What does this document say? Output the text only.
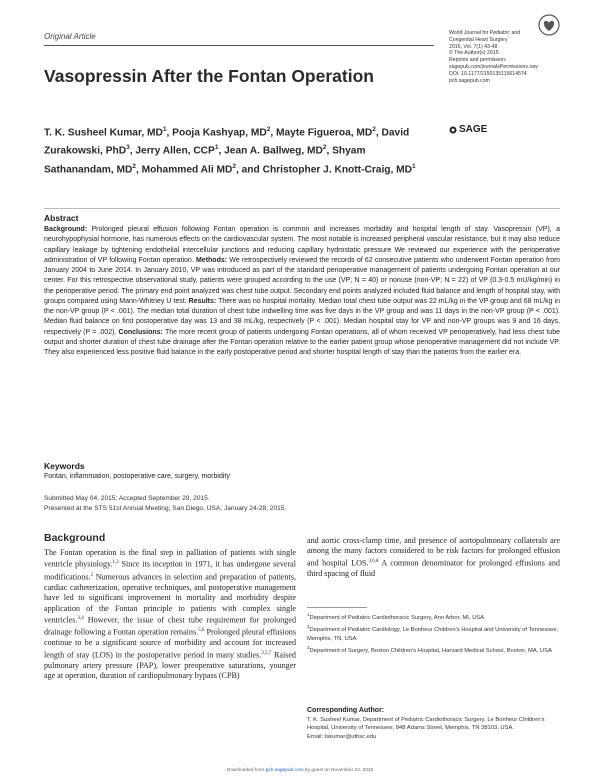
Original Article	World Journal for Pediatric and
Congenital Heart Surgery
2016, Vol. 7(1) 43-48
© The Author(s) 2015
Reprints and permission:
sagepub.com/journalsPermissions.nav
DOI: 10.1177/2150135115614574
pch.sagepub.com
SAGE
Vasopressin After the Fontan Operation
T. K. Susheel Kumar, $MD^1$, Pooja Kashyap, $MD^2$, Mayte Figueroa, $MD^2$, David Zurakowski, PhD$^3$, Jerry Allen, CCP$^1$, Jean A. Ballweg, $MD^2$, Shyam Sathanandam, $MD^2$, Mohammed Ali $MD^2$, and Christopher J. Knott-Craig, $MD^1$
Abstract
Background: Prolonged pleural effusion following Fontan operation is common and increases morbidity and hospital length of stay. Vasopressin (VP), a neurohypophysial hormone, has numerous effects on the cardiovascular system. The most notable is increased peripheral vascular resistance, but it may also reduce capillary leakage by tightening endothelial intercellular junctions and reducing capillary hydrostatic pressure We reviewed our experience with the perioperative administration of VP following Fontan operation. Methods: We retrospectively reviewed the records of 62 consecutive patients who underwent Fontan operation from January 2004 to June 2014. In January 2010, VP was introduced as part of the standard perioperative management of patients undergoing Fontan operation at our center. For this retrospective observational study, patients were grouped according to the use (VP; N = 40) or nonuse (non-VP; N = 22) of VP (0.3-0.5 mU/kg/min) in the perioperative period. The primary end point analyzed was chest tube output. Secondary end points analyzed included fluid balance and length of hospital stay, with groups compared using Mann-Whitney U test. Results: There was no hospital mortality. Median total chest tube output was 22 mL/kg in the VP group and 68 mL/kg in the non-VP group (P < .001). The median total duration of chest tube indwelling time was five days in the VP group and was 11 days in the non-VP group (P < .001). Median fluid balance on first postoperative day was 13 and 38 mL/kg, respectively (P < .001). Median hospital stay for VP and non-VP groups was 9 and 16 days, respectively (P = .002). Conclusions: The more recent group of patients undergoing Fontan operations, all of whom received VP perioperatively, had less chest tube output and shorter duration of chest tube drainage after the Fontan operation relative to the earlier patient group whose perioperative management did not include VP. They also experienced less positive fluid balance in the early postoperative period and shorter hospital length of stay than the patients from the earlier era.
Keywords
Fontan, inflammation, postoperative care, surgery, morbidity
Submitted May 04, 2015; Accepted September 29, 2015.
Presented at the STS 51st Annual Meeting, San Diego, USA; January 24-28, 2015.
Background
The Fontan operation is the final step in palliation of patients with single ventricle physiology.$^{1,2}$ Since its inception in 1971, it has undergone several modifications.$^2$ Numerous advances in selection and preparation of patients, cardiac catheterization, operative techniques, and postoperative management have led to significant improvement in mortality and morbidity despite application of the Fontan principle to patients with complex single ventricles.$^{3,4}$ However, the issue of chest tube requirement for prolonged drainage following a Fontan operation remains.$^{5,6}$ Prolonged pleural effusions continue to be a significant source of morbidity and account for increased length of stay (LOS) in the postoperative period in many studies.$^{3,5,7}$ Raised pulmonary artery pressure (PAP), lower preoperative saturations, younger age at operation, duration of cardiopulmonary bypass (CPB)
and aortic cross-clamp time, and presence of aortopulmonary collaterals are among the many factors considered to be risk factors for prolonged effusion and hospital LOS.$^{3,6,8}$ A common denominator for prolonged effusions and third spacing of fluid
$^1$Department of Pediatric Cardiothoracic Surgery, Ann Arbor, MI, USA
$^2$Department of Pediatric Cardiology, Le Bonheur Children's Hospital and University of Tennessee, Memphis, TN, USA
$^3$Department of Surgery, Boston Children's Hospital, Harvard Medical School, Boston, MA, USA
Corresponding Author:
T. K. Susheel Kumar, Department of Pediatric Cardiothoracic Surgery, Le Bonheur Children's Hospital, University of Tennessee, 848 Adams Street, Memphis, TN 38103, USA.
Email: tskumar@uthsc.edu
Downloaded from pch.sagepub.com by guest on November 22, 2015
